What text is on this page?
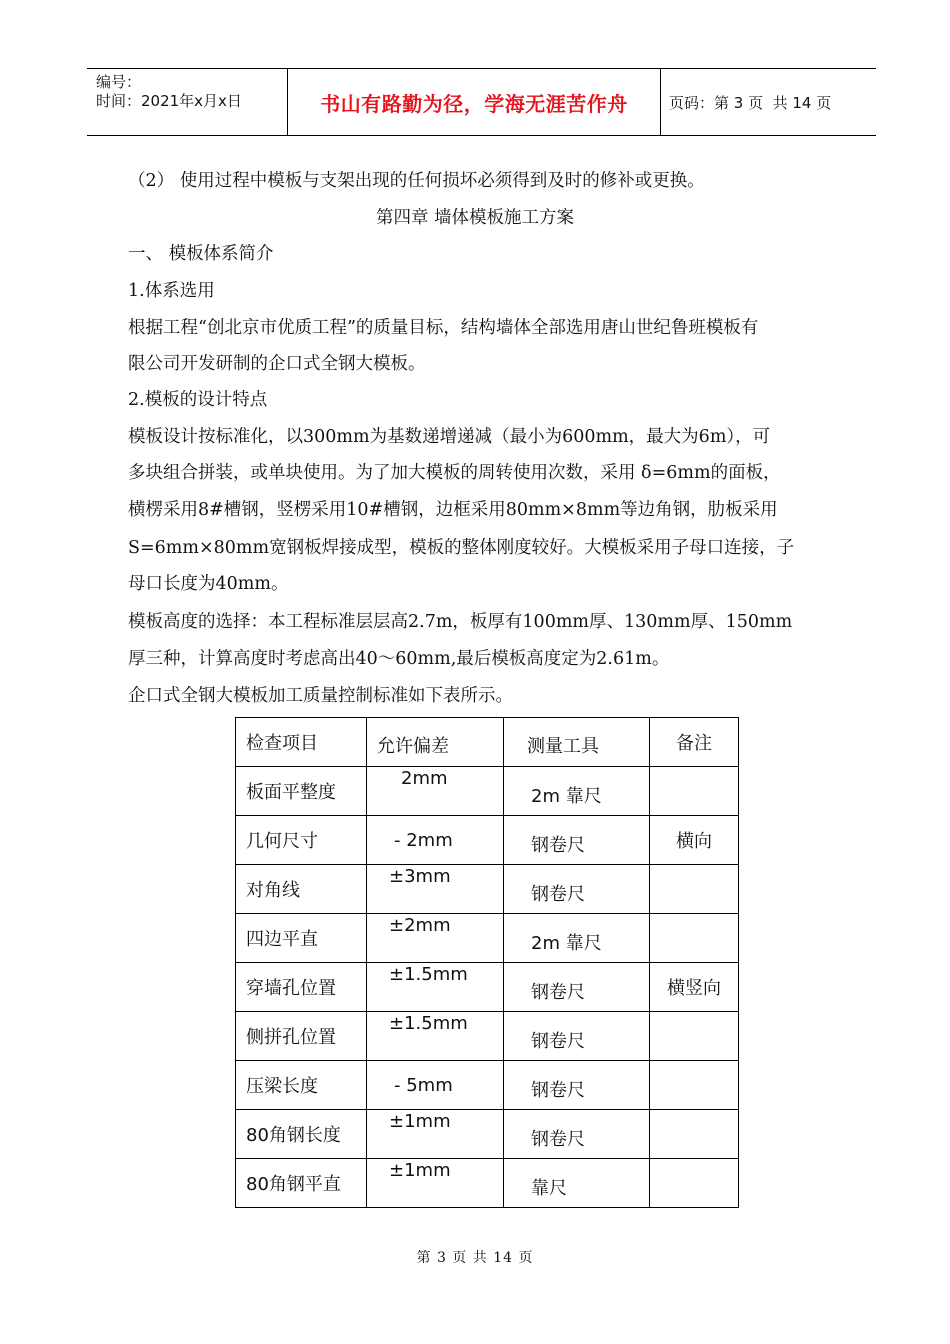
编号：
时间：2021年x月x日	书山有路勤为径，学海无涯苦作舟	页码：第 3 页  共 14 页
（2） 使用过程中模板与支架出现的任何损坏必须得到及时的修补或更换。
第四章 墙体模板施工方案
一、 模板体系简介
1.体系选用
根据工程“创北京市优质工程”的质量目标，结构墙体全部选用唐山世纪鲁班模板有
限公司开发研制的企口式全钢大模板。
2.模板的设计特点
模板设计按标准化，以300mm为基数递增递减（最小为600mm，最大为6m），可
多块组合拼装，或单块使用。为了加大模板的周转使用次数，采用 δ=6mm的面板，
横楞采用8#槽钢，竖楞采用10#槽钢，边框采用80mm×8mm等边角钢，肋板采用
S=6mm×80mm宽钢板焊接成型，模板的整体刚度较好。大模板采用子母口连接，子
母口长度为40mm。
模板高度的选择：本工程标准层层高2.7m，板厚有100mm厚、130mm厚、150mm
厚三种，计算高度时考虑高出40～60mm,最后模板高度定为2.61m。
企口式全钢大模板加工质量控制标准如下表所示。
检查项目	允许偏差	测量工具	备注
板面平整度	2mm	2m 靠尺	

几何尺寸	- 2mm	钢卷尺	横向
对角线	±3mm	钢卷尺	

四边平直	±2mm	2m 靠尺	

穿墙孔位置	±1.5mm	钢卷尺	横竖向
侧拼孔位置	±1.5mm	钢卷尺	

压梁长度	- 5mm	钢卷尺	

80角钢长度	±1mm	钢卷尺	

80角钢平直	±1mm	靠尺	

第 3 页 共 14 页
